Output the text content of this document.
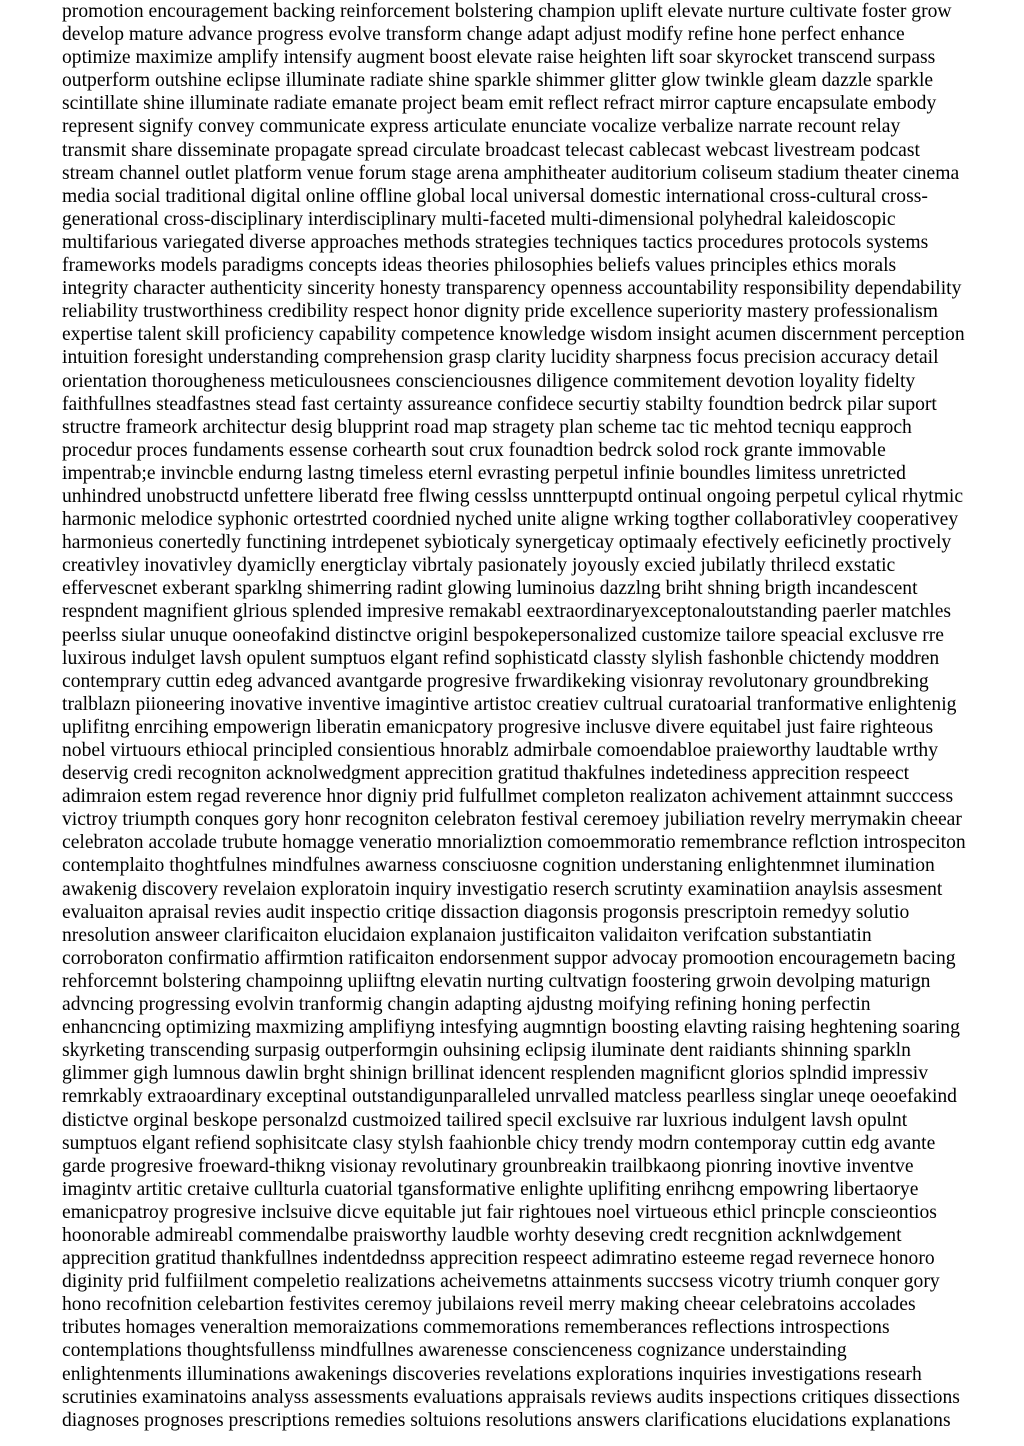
promotion encouragement backing reinforcement bolstering champion uplift elevate nurture cultivate foster grow
develop mature advance progress evolve transform change adapt adjust modify refine hone perfect enhance
optimize maximize amplify intensify augment boost elevate raise heighten lift soar skyrocket transcend surpass
outperform outshine eclipse illuminate radiate shine sparkle shimmer glitter glow twinkle gleam dazzle sparkle
scintillate shine illuminate radiate emanate project beam emit reflect refract mirror capture encapsulate embody
represent signify convey communicate express articulate enunciate vocalize verbalize narrate recount relay
transmit share disseminate propagate spread circulate broadcast telecast cablecast webcast livestream podcast
stream channel outlet platform venue forum stage arena amphitheater auditorium coliseum stadium theater cinema
media social traditional digital online offline global local universal domestic international cross-cultural cross-
generational cross-disciplinary interdisciplinary multi-faceted multi-dimensional polyhedral kaleidoscopic
multifarious variegated diverse approaches methods strategies techniques tactics procedures protocols systems
frameworks models paradigms concepts ideas theories philosophies beliefs values principles ethics morals
integrity character authenticity sincerity honesty transparency openness accountability responsibility dependability
reliability trustworthiness credibility respect honor dignity pride excellence superiority mastery professionalism
expertise talent skill proficiency capability competence knowledge wisdom insight acumen discernment perception
intuition foresight understanding comprehension grasp clarity lucidity sharpness focus precision accuracy detail
orientation thorougheness meticulousnees conscienciousnes diligence commitement devotion loyality fidelty
faithfullnes steadfastnes stead fast certainty assureance confidece securtiy stabilty foundtion bedrck pilar suport
structre frameork architectur desig blupprint road map stragety plan scheme tac tic mehtod tecniqu eapproch
procedur proces fundaments essense corhearth sout crux founadtion bedrck solod rock grante immovable
impentrab;e invincble endurng lastng timeless eternl evrasting perpetul infinie boundles limitess unretricted
unhindred unobstructd unfettere liberatd free flwing cesslss unntterpuptd ontinual ongoing perpetul cylical rhytmic
harmonic melodice syphonic ortestrted coordnied nyched unite aligne wrking togther collaborativley cooperativey
harmonieus conertedly functining intrdepenet sybioticaly synergeticay optimaaly efectively eeficinetly proctively
creativley inovativley dyamiclly energticlay vibrtaly pasionately joyously excied jubilatly thrilecd exstatic
effervescnet exberant sparklng shimerring radint glowing luminoius dazzlng briht shning brigth incandescent
respndent magnifient glrious splended impresive remakabl eextraordinaryexceptonaloutstanding paerler matchles
peerlss siular unuque ooneofakind distinctve originl bespokepersonalized customize tailore speacial exclusve rre
luxirous indulget lavsh opulent sumptuos elgant refind sophisticatd classty slylish fashonble chictendy moddren
contemprary cuttin edeg advanced avantgarde progresive frwardikeking visionray revolutonary groundbreking
tralblazn piioneering inovative inventive imagintive artistoc creatiev cultrual curatoarial tranformative enlightenig
uplifitng enrcihing empowerign liberatin emanicpatory progresive inclusve divere equitabel just faire righteous
nobel virtuours ethiocal principled consientious hnorablz admirbale comoendabloe praieworthy laudtable wrthy
deservig credi recogniton acknolwedgment apprecition gratitud thakfulnes indetediness apprecition respeect
adimraion estem regad reverence hnor digniy prid fulfullmet completon realizaton achivement attainmnt succcess
victroy triumpth conques gory honr recogniton celebraton festival ceremoey jubiliation revelry merrymakin cheear
celebraton accolade trubute homagge veneratio mnorializtion comoemmoratio remembrance reflction introspeciton
contemplaito thoghtfulnes mindfulnes awarness consciuosne cognition understaning enlightenmnet ilumination
awakenig discovery revelaion exploratoin inquiry investigatio reserch scrutinty examinatiion anaylsis assesment
evaluaiton apraisal revies audit inspectio critiqe dissaction diagonsis progonsis prescriptoin remedyy solutio
nresolution answeer clarificaiton elucidaion explanaion justificaiton validaiton verifcation substantiatin
corroboraton confirmatio affirmtion ratificaiton endorsenment suppor advocay promootion encouragemetn bacing
rehforcemnt bolstering champoinng upliiftng elevatin nurting cultvatign foostering grwoin devolping maturign
advncing progressing evolvin tranformig changin adapting ajdustng moifying refining honing perfectin
enhancncing optimizing maxmizing amplifiyng intesfying augmntign boosting elavting raising heghtening soaring
skyrketing transcending surpasig outperformgin ouhsining eclipsig iluminate dent raidiants shinning sparkln
glimmer gigh lumnous dawlin brght shinign brillinat idencent resplenden magnificnt glorios splndid impressiv
remrkably extraoardinary exceptinal outstandigunparalleled unrvalled matcless pearlless singlar uneqe oeoefakind
distictve orginal beskope personalzd custmoized tailired specil exclsuive rar luxrious indulgent lavsh opulnt
sumptuos elgant refiend sophisitcate clasy stylsh faahionble chicy trendy modrn contemporay cuttin edg avante
garde progresive froeward-thikng visionay revolutinary grounbreakin trailbkaong pionring inovtive inventve
imagintv artitic cretaive cullturla cuatorial tgansformative enlighte uplifiting enrihcng empowring libertaorye
emanicpatroy progresive inclsuive dicve equitable jut fair rightoues noel virtueous ethicl princple conscieontios
hoonorable admireabl commendalbe praisworthy laudble worhty deseving credt recgnition acknlwdgement
apprecition gratitud thankfullnes indentdednss apprecition respeect adimratino esteeme regad revernece honoro
diginity prid fulfiilment compeletio realizations acheivemetns attainments succsess vicotry triumh conquer gory
hono recofnition celebartion festivites ceremoy jubilaions reveil merry making cheear celebratoins accolades
tributes homages veneraltion memoraizations commemorations rememberances reflections introspections
contemplations thoughtsfullenss mindfullnes awarenesse conscienceness cognizance understainding
enlightenments illuminations awakenings discoveries revelations explorations inquiries investigations researh
scrutinies examinatoins analyss assessments evaluations appraisals reviews audits inspections critiques dissections
diagnoses prognoses prescriptions remedies soltuions resolutions answers clarifications elucidations explanations
